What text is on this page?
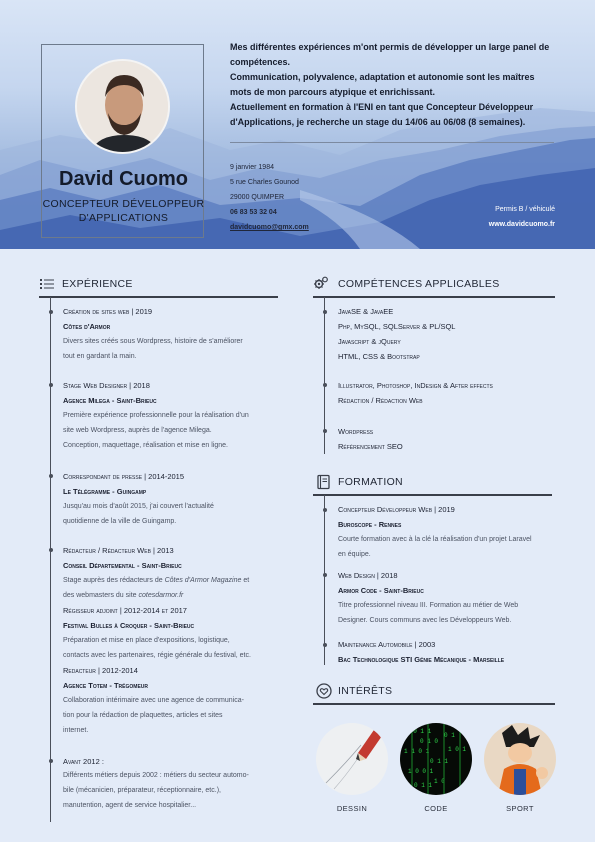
David Cuomo
CONCEPTEUR DÉVELOPPEUR
D'APPLICATIONS

Mes différentes expériences m'ont permis de développer un large panel de compétences.

Communication, polyvalence, adaptation et autonomie sont les maîtres mots de mon parcours atypique et enrichissant.

Actuellement en formation à l'ENI en tant que Concepteur Développeur d'Applications, je recherche un stage du 14/06 au 06/08 (8 semaines).

9 janvier 1984
5 rue Charles Gounod
29000 QUIMPER
06 83 53 32 04
davidcuomo@gmx.com
Permis B / véhiculé
www.davidcuomo.fr
EXPÉRIENCE
Création de sites web | 2019
Côtes d'Armor
Divers sites créés sous Wordpress, histoire de s'améliorer
tout en gardant la main.
Stage Web Designer | 2018
Agence Milega - Saint-Brieuc
Première expérience professionnelle pour la réalisation d'un
site web Wordpress, auprès de l'agence Milega.
Conception, maquettage, réalisation et mise en ligne.
Correspondant de presse | 2014-2015
Le Télégramme - Guingamp
Jusqu'au mois d'août 2015, j'ai couvert l'actualité
quotidienne de la ville de Guingamp.
Rédacteur / Rédacteur Web | 2013
Conseil Départemental - Saint-Brieuc
Stage auprès des rédacteurs de Côtes d'Armor Magazine et
des webmasters du site cotesdarmor.fr
Régisseur adjoint | 2012-2014 et 2017
Festival Bulles à Croquer - Saint-Brieuc
Préparation et mise en place d'expositions, logistique,
contacts avec les partenaires, régie générale du festival, etc.
Redacteur | 2012-2014
Agence Totem - Trégomeur
Collaboration intérimaire avec une agence de communica-
tion pour la rédaction de plaquettes, articles et sites
internet.
Avant 2012 :
Différents métiers depuis 2002 : métiers du secteur automo-
bile (mécanicien, préparateur, réceptionnaire, etc.),
manutention, agent de service hospitalier...
COMPÉTENCES APPLICABLES
JavaSE & JavaEE
Php, MySQL, SQLServer & PL/SQL
Javascript & jQuery
HTML, CSS & Bootstrap
Illustrator, Photoshop, InDesign & After effects
Rédaction / Rédaction Web
Wordpress
Référencement SEO
FORMATION
Concepteur Développeur Web | 2019
Buroscope - Rennes
Courte formation avec à la clé la réalisation d'un projet Laravel
en équipe.
Web Design | 2018
Armor Code - Saint-Brieuc
Titre professionnel niveau III. Formation au métier de Web
Designer. Cours communs avec les Développeurs Web.
Maintenance Automobile | 2003
Bac Technologique STI Génie Mécanique - Marseille
INTÉRÊTS
1 0 1 1
0 1 0
1 1 0 1
0 1 1
1 0 0 1
1 0
0 1
1 0 1
0 1 1
DESSIN	CODE	SPORT
